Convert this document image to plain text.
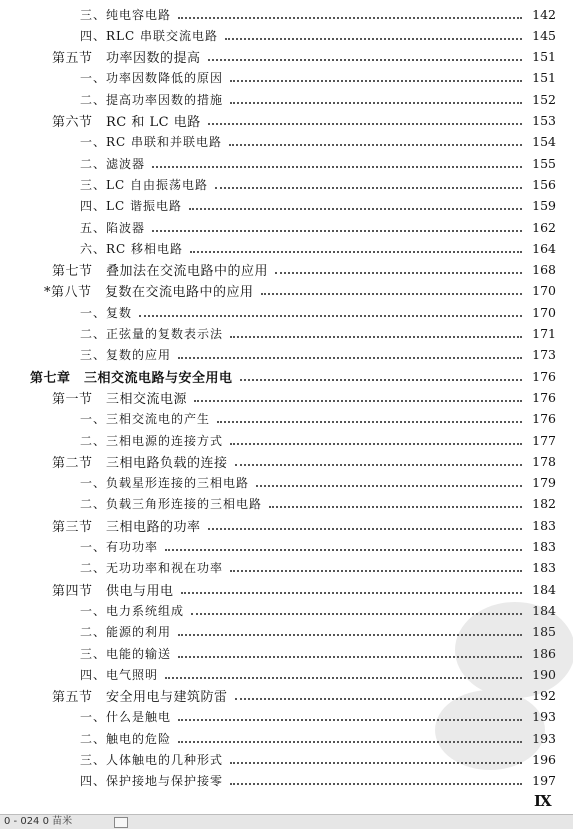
三、纯电容电路	142
四、RLC 串联交流电路	145
第五节　功率因数的提高	151
一、功率因数降低的原因	151
二、提高功率因数的措施	152
第六节　RC 和 LC 电路	153
一、RC 串联和并联电路	154
二、滤波器	155
三、LC 自由振荡电路	156
四、LC 谐振电路	159
五、陷波器	162
六、RC 移相电路	164
第七节　叠加法在交流电路中的应用	168
*第八节　复数在交流电路中的应用	170
一、复数	170
二、正弦量的复数表示法	171
三、复数的应用	173
第七章　三相交流电路与安全用电	176
第一节　三相交流电源	176
一、三相交流电的产生	176
二、三相电源的连接方式	177
第二节　三相电路负载的连接	178
一、负载星形连接的三相电路	179
二、负载三角形连接的三相电路	182
第三节　三相电路的功率	183
一、有功功率	183
二、无功功率和视在功率	183
第四节　供电与用电	184
一、电力系统组成	184
二、能源的利用	185
三、电能的输送	186
四、电气照明	190
第五节　安全用电与建筑防雷	192
一、什么是触电	193
二、触电的危险	193
三、人体触电的几种形式	196
四、保护接地与保护接零	197
IX
0 - 024 0 苗米
